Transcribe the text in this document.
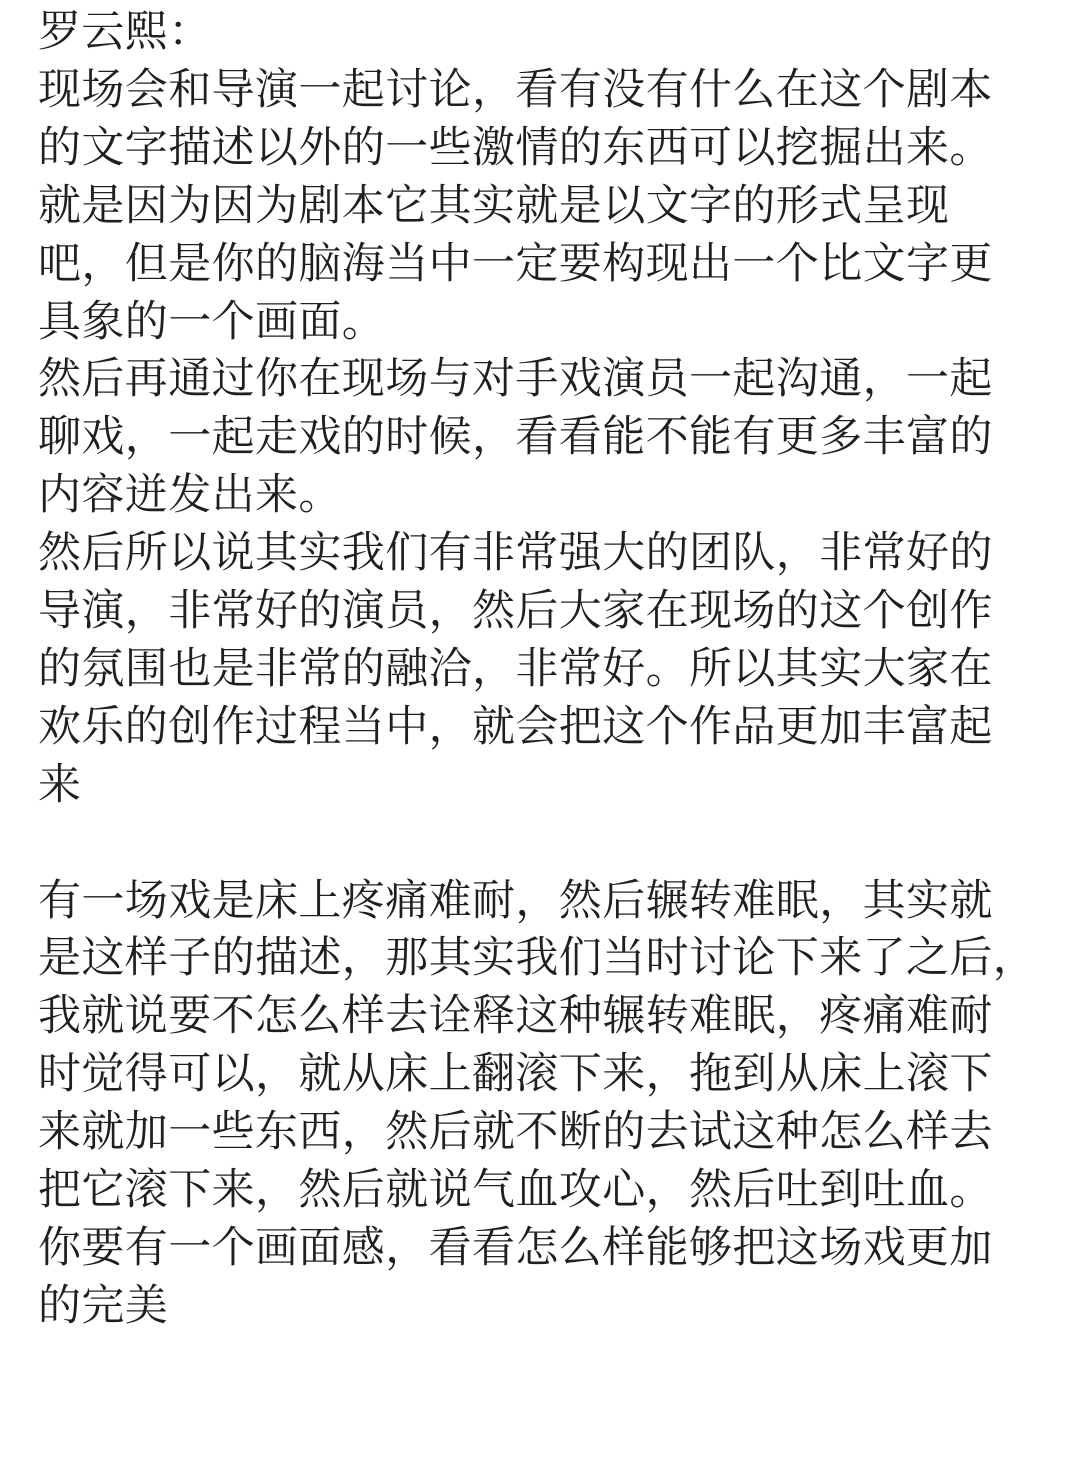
罗云熙：
现场会和导演一起讨论，看有没有什么在这个剧本
的文字描述以外的一些激情的东西可以挖掘出来。
就是因为因为剧本它其实就是以文字的形式呈现
吧，但是你的脑海当中一定要构现出一个比文字更
具象的一个画面。
然后再通过你在现场与对手戏演员一起沟通，一起
聊戏，一起走戏的时候，看看能不能有更多丰富的
内容迸发出来。
然后所以说其实我们有非常强大的团队，非常好的
导演，非常好的演员，然后大家在现场的这个创作
的氛围也是非常的融洽，非常好。所以其实大家在
欢乐的创作过程当中，就会把这个作品更加丰富起
来
有一场戏是床上疼痛难耐，然后辗转难眠，其实就
是这样子的描述，那其实我们当时讨论下来了之后，
我就说要不怎么样去诠释这种辗转难眠，疼痛难耐
时觉得可以，就从床上翻滚下来，拖到从床上滚下
来就加一些东西，然后就不断的去试这种怎么样去
把它滚下来，然后就说气血攻心，然后吐到吐血。
你要有一个画面感，看看怎么样能够把这场戏更加
的完美
